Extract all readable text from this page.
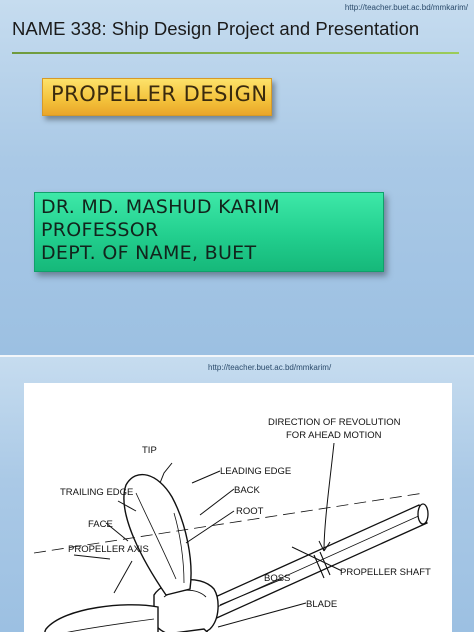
http://teacher.buet.ac.bd/mmkarim/
NAME 338: Ship Design Project and Presentation
PROPELLER DESIGN
DR. MD. MASHUD KARIM
PROFESSOR
DEPT. OF NAME, BUET
http://teacher.buet.ac.bd/mmkarim/
DIRECTION OF REVOLUTION
FOR AHEAD MOTION
TIP
LEADING EDGE
BACK
TRAILING EDGE
ROOT
FACE
PROPELLER AXIS
BOSS
PROPELLER SHAFT
BLADE
